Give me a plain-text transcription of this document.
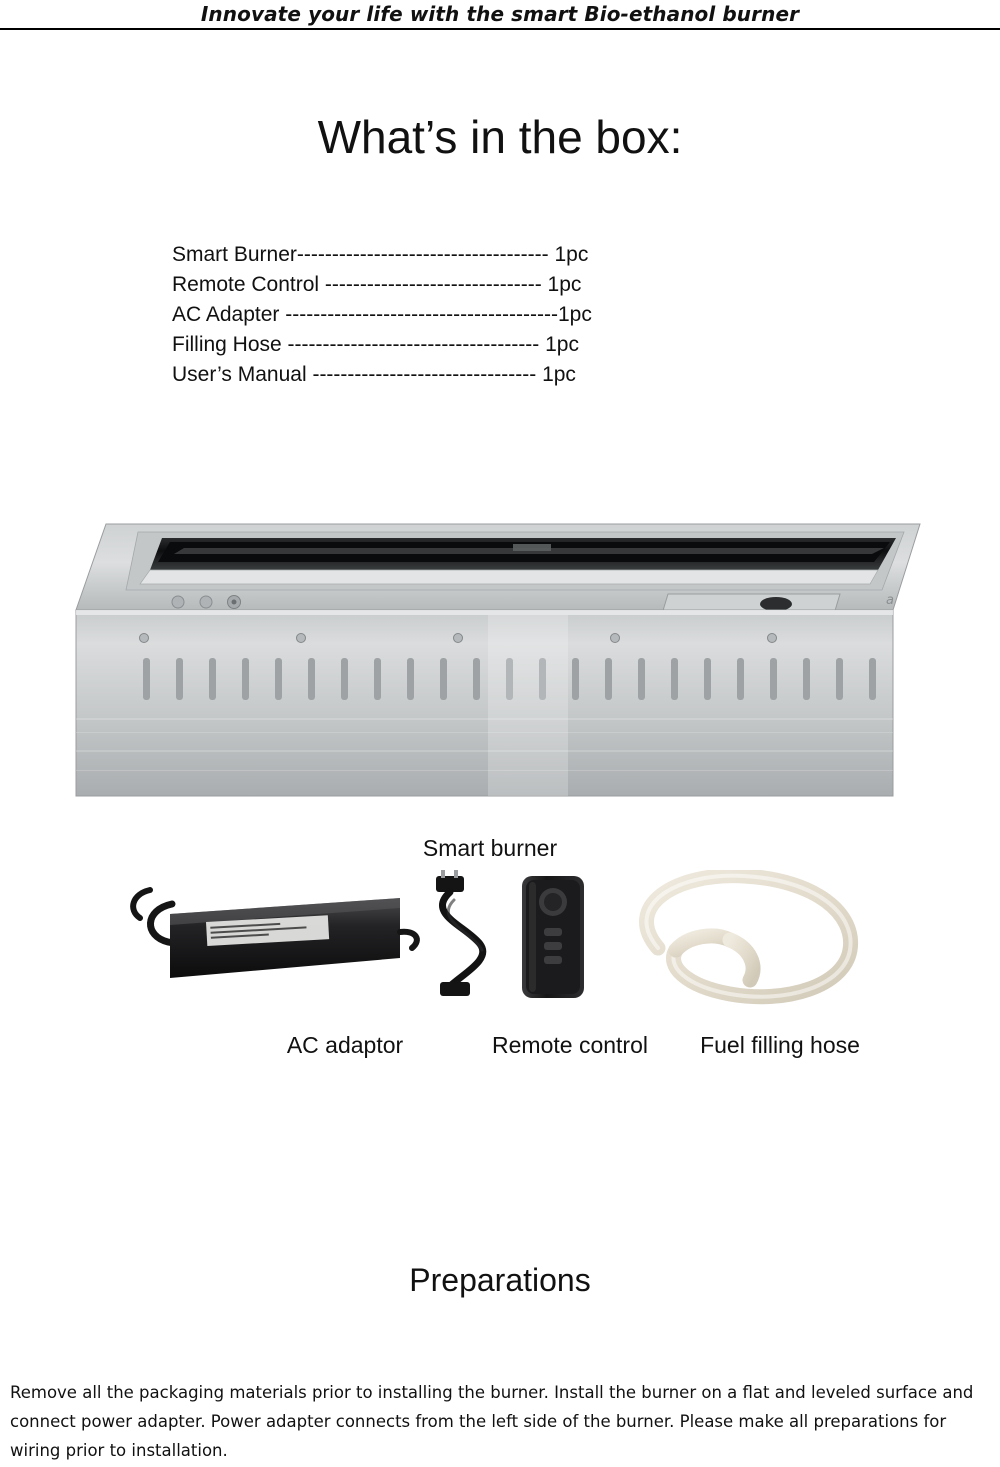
Innovate your life with the smart Bio-ethanol burner
What’s in the box:
Smart Burner------------------------------------ 1pc
Remote Control ------------------------------- 1pc
AC Adapter ---------------------------------------1pc
Filling Hose ------------------------------------ 1pc
User’s Manual -------------------------------- 1pc
a
Smart burner
AC adaptor	Remote control	Fuel filling hose
Preparations
Remove all the packaging materials prior to installing the burner. Install the burner on a flat and leveled surface and connect power adapter. Power adapter connects from the left side of the burner. Please make all preparations for wiring prior to installation.
